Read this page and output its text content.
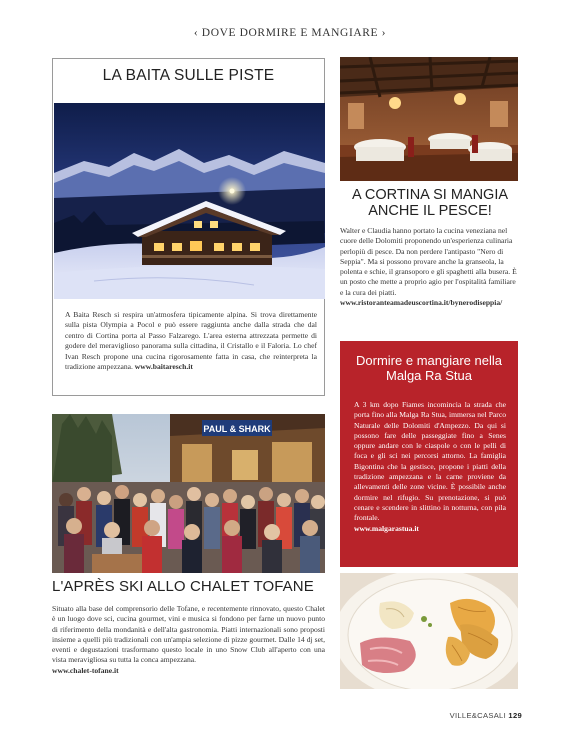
‹ DOVE DORMIRE E MANGIARE ›
LA BAITA SULLE PISTE
A Baita Resch si respira un'atmosfera tipicamente alpina. Si trova direttamente sulla pista Olympia a Pocol e può essere raggiunta anche dalla strada che dal centro di Cortina porta al Passo Falzarego. L'area esterna attrezzata permette di godere del meraviglioso panorama sulla cittadina, il Cristallo e il Faloria. Lo chef Ivan Resch propone una cucina rigorosamente fatta in casa, che reinterpreta la tradizione ampezzana. www.baitaresch.it
A CORTINA SI MANGIA ANCHE IL PESCE!
Walter e Claudia hanno portato la cucina veneziana nel cuore delle Dolomiti proponendo un'esperienza culinaria perlopiù di pesce. Da non perdere l'antipasto "Nero di Seppia". Ma si possono provare anche la granseola, la polenta e schie, il gransoporo e gli spaghetti alla busera. È un posto che mette a proprio agio per l'ospitalità familiare e la cura dei piatti.
www.ristoranteamadeuscortina.it/bynerodiseppia/
Dormire e mangiare nella Malga Ra Stua
A 3 km dopo Fiames incomincia la strada che porta fino alla Malga Ra Stua, immersa nel Parco Naturale delle Dolomiti d'Ampezzo. Da qui si possono fare delle passeggiate fino a Senes oppure andare con le ciaspole o con le pelli di foca e gli sci nei percorsi attorno. La famiglia Bigontina che la gestisce, propone i piatti della tradizione ampezzana e la carne proviene da allevamenti delle zone vicine. È possibile anche dormire nel rifugio. Su prenotazione, si può cenare e scendere in slittino in notturna, con pila frontale.
www.malgarastua.it
PAUL & SHARK
L'APRÈS SKI ALLO CHALET TOFANE
Situato alla base del comprensorio delle Tofane, e recentemente rinnovato, questo Chalet è un luogo dove sci, cucina gourmet, vini e musica si fondono per farne un nuovo punto di riferimento della mondanità e dell'alta gastronomia. Piatti internazionali sono proposti insieme a quelli più tradizionali con un'ampia selezione di pizze gourmet. Dalle 14 dj set, eventi e degustazioni trasformano questo locale in uno Snow Club all'aperto con una vista meravigliosa su tutta la conca ampezzana.
www.chalet-tofane.it
VILLE&CASALI 129
